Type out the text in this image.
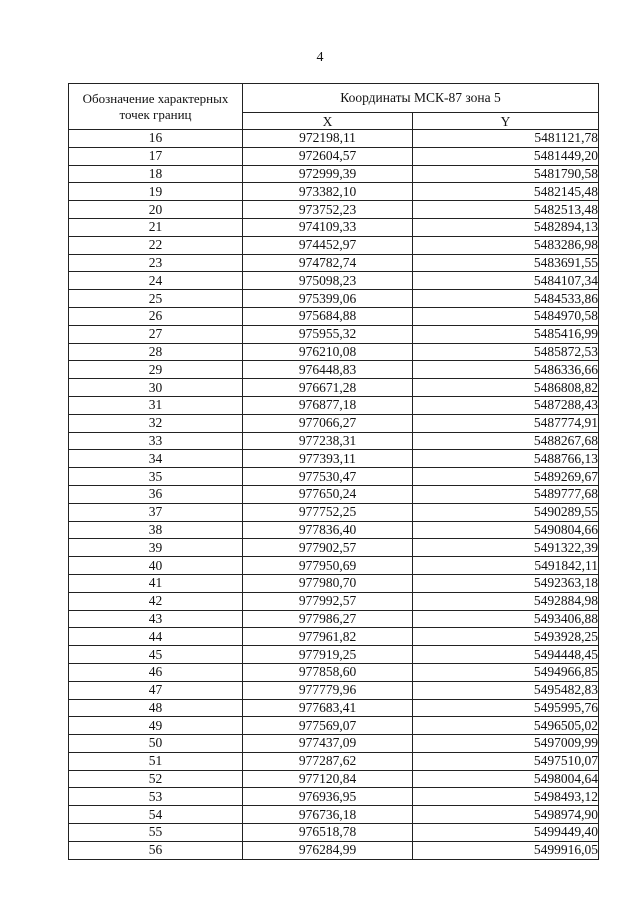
4
Обозначение характерных точек границ	Координаты МСК-87 зона 5	
	X	Y
16	972198,11	5481121,78
17	972604,57	5481449,20
18	972999,39	5481790,58
19	973382,10	5482145,48
20	973752,23	5482513,48
21	974109,33	5482894,13
22	974452,97	5483286,98
23	974782,74	5483691,55
24	975098,23	5484107,34
25	975399,06	5484533,86
26	975684,88	5484970,58
27	975955,32	5485416,99
28	976210,08	5485872,53
29	976448,83	5486336,66
30	976671,28	5486808,82
31	976877,18	5487288,43
32	977066,27	5487774,91
33	977238,31	5488267,68
34	977393,11	5488766,13
35	977530,47	5489269,67
36	977650,24	5489777,68
37	977752,25	5490289,55
38	977836,40	5490804,66
39	977902,57	5491322,39
40	977950,69	5491842,11
41	977980,70	5492363,18
42	977992,57	5492884,98
43	977986,27	5493406,88
44	977961,82	5493928,25
45	977919,25	5494448,45
46	977858,60	5494966,85
47	977779,96	5495482,83
48	977683,41	5495995,76
49	977569,07	5496505,02
50	977437,09	5497009,99
51	977287,62	5497510,07
52	977120,84	5498004,64
53	976936,95	5498493,12
54	976736,18	5498974,90
55	976518,78	5499449,40
56	976284,99	5499916,05
